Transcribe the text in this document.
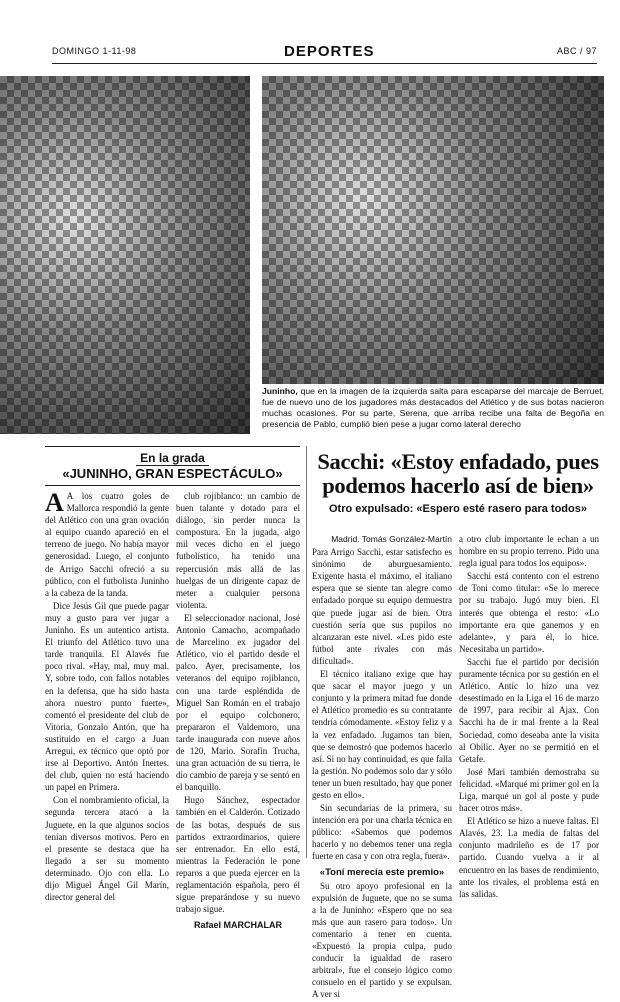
DOMINGO 1-11-98	DEPORTES	ABC / 97
ABC
Juninho, que en la imagen de la izquierda salta para escaparse del marcaje de Berruet, fue de nuevo uno de los jugadores más destacados del Atlético y de sus botas nacieron muchas ocasiones. Por su parte, Serena, que arriba recibe una falta de Begoña en presencia de Pablo, cumplió bien pese a jugar como lateral derecho
En la grada
«JUNINHO, GRAN ESPECTÁCULO»

A A los cuatro goles de Mallorca respondió la gente del Atlético con una gran ovación al equipo cuando apareció en el terreno de juego. No había mayor generosidad. Luego, el conjunto de Arrigo Sacchi ofreció a su público, con el futbolista Juninho a la cabeza de la tanda.

Dice Jesús Gil que puede pagar muy a gusto para ver jugar a Juninho. Es un autentico artista. El triunfo del Atlético tuvo una tarde tranquila. El Alavés fue poco rival. «Hay, mal, muy mal. Y, sobre todo, con fallos notables en la defensa, que ha sido hasta ahora nuestro punto fuerte», comentó el presidente del club de Vitoria, Gonzalo Antón, que ha sustituido en el cargo a Juan Arregui, ex técnico que optó por irse al Deportivo. Antón Inertes. del club, quien no está haciendo un papel en Primera.

Con el nombramiento oficial, la segunda tercera atacó a la Juguete, en la que algunos socios tenían diversos motivos. Pero en el presente se destaca que ha llegado a ser su momento determinado. Ojo con ella. Lo dijo Miguel Ángel Gil Marín, director general del

club rojiblanco: un cambio de buen talante y dotado para el diálogo, sin perder nunca la compostura. En la jugada, algo mil veces dicho en el juego futbolístico, ha tenido una repercusión más allá de las huelgas de un dirigente capaz de meter a cualquier persona violenta.

El seleccionador nacional, José Antonio Camacho, acompañado de Marcelino ex jugador del Atlético, vio el partido desde el palco. Ayer, precisamente, los veteranos del equipo rojiblanco, con una tarde espléndida de Miguel San Román en el trabajo por el equipo colchonero, prepararon el Valdemoro, una tarde inaugurada con nueve años de 120, Mario. Sorafín Trucha, una gran actuación de su tierra, le dio cambio de pareja y se sentó en el banquillo.

Hugo Sánchez, espectador también en el Calderón. Cotizado de las botas, después de sus partidos extraordinarios, quiere ser entrenador. En ello está, mientras la Federación le pone reparos a que pueda ejercer en la reglamentación española, pero él sigue preparándose y su nuevo trabajo sigue.

Rafael MARCHALAR

Sacchi: «Estoy enfadado, pues podemos hacerlo así de bien»
Otro expulsado: «Espero esté rasero para todos»

Madrid. Tomás González-Martín

Para Arrigo Sacchi, estar satisfecho es sinónimo de aburguesamiento. Exigente hasta el máximo, el italiano espera que se siente tan alegre como enfadado porque su equipo demuestra que puede jugar así de bien. Otra cuestión sería que sus pupilos no alcanzaran este nivel. «Les pido este fútbol ante rivales con más dificultad».

El técnico italiano exige que hay que sacar el mayor juego y un conjunto y la primera mitad fue donde el Atlético promedio es su contratante tendría cómodamente. «Estoy feliz y a la vez enfadado. Jugamos tan bien, que se demostró que podemos hacerlo así. Si no hay continuidad, es que falla la gestión. No podemos solo dar y sólo tener un buen resultado, hay que poner gesto en ello».

Sin secundarias de la primera, su intención era por una charla técnica en público: «Sabemos que podemos hacerlo y no debemos tener una regla fuerte en casa y con otra regla, fuera».

«Toni merecía este premio»

Su otro apoyo profesional en la expulsión de Juguete, que no se suma a la de Juninho: «Espero que no sea más que aun rasero para todos». Un comentario a tener en cuenta. «Expuestó la propia culpa, pudo conducir la igualdad de rasero arbitral», fue el consejo lógico como consuelo en el partido y se expulsan. A ver si

a otro club importante le echan a un hombre en su propio terreno. Pido una regla igual para todos los equipos».

Sacchi está contento con el estreno de Toni como titular: «Se lo merece por su trabajo. Jugó muy bien. El interés que obtenga el resto: «Lo importante era que ganemos y en adelante», y para él, lo hice. Necesitaba un partido».

Sacchi fue el partido por decisión puramente técnica por su gestión en el Atlético. Antic lo hizo una vez desestimado en la Liga el 16 de marzo de 1997, para recibir al Ajax. Con Sacchi ha de ir mal frente a la Real Sociedad, como deseaba ante la visita al Obilic. Ayer no se permitió en el Getafe.

José Mari también demostraba su felicidad. «Marqué mi primer gol en la Liga, marqué un gol al poste y pude hacer otros más».

El Atlético se hizo a nueve faltas. El Alavés, 23. La media de faltas del conjunto madrileño es de 17 por partido. Cuando vuelva a ir al encuentro en las bases de rendimiento, ante los rivales, el problema está en las salidas.
